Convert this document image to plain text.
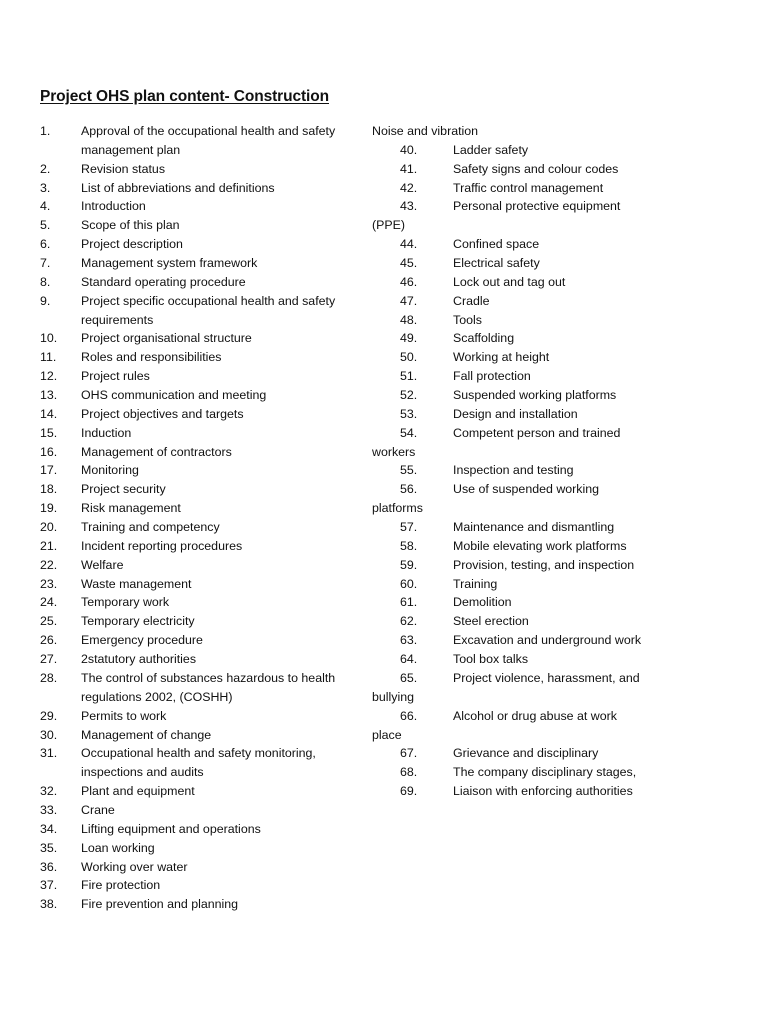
Project OHS plan content- Construction
1.	Approval of the occupational health and safety
management plan
2.	Revision status
3.	List of abbreviations and definitions
4.	Introduction
5.	Scope of this plan
6.	Project description
7.	Management system framework
8.	Standard operating procedure
9.	Project specific occupational health and safety
requirements
10.	Project organisational structure
11.	Roles and responsibilities
12.	Project rules
13.	OHS communication and meeting
14.	Project objectives and targets
15.	Induction
16.	Management of contractors
17.	Monitoring
18.	Project security
19.	Risk management
20.	Training and competency
21.	Incident reporting procedures
22.	Welfare
23.	Waste management
24.	Temporary work
25.	Temporary electricity
26.	Emergency procedure
27.	2statutory authorities
28.	The control of substances hazardous to health
regulations 2002, (COSHH)
29.	Permits to work
30.	Management of change
31.	Occupational health and safety monitoring,
inspections and audits
32.	Plant and equipment
33.	Crane
34.	Lifting equipment and operations
35.	Loan working
36.	Working over water
37.	Fire protection
38.	Fire prevention and planning
Noise and vibration
40.	Ladder safety
41.	Safety signs and colour codes
42.	Traffic control management
43.	Personal protective equipment
(PPE)
44.	Confined space
45.	Electrical safety
46.	Lock out and tag out
47.	Cradle
48.	Tools
49.	Scaffolding
50.	Working at height
51.	Fall protection
52.	Suspended working platforms
53.	Design and installation
54.	Competent person and trained
workers
55.	Inspection and testing
56.	Use of suspended working
platforms
57.	Maintenance and dismantling
58.	Mobile elevating work platforms
59.	Provision, testing, and inspection
60.	Training
61.	Demolition
62.	Steel erection
63.	Excavation and underground work
64.	Tool box talks
65.	Project violence, harassment, and
bullying
66.	Alcohol or drug abuse at work
place
67.	Grievance and disciplinary
68.	The company disciplinary stages,
69.	Liaison with enforcing authorities
